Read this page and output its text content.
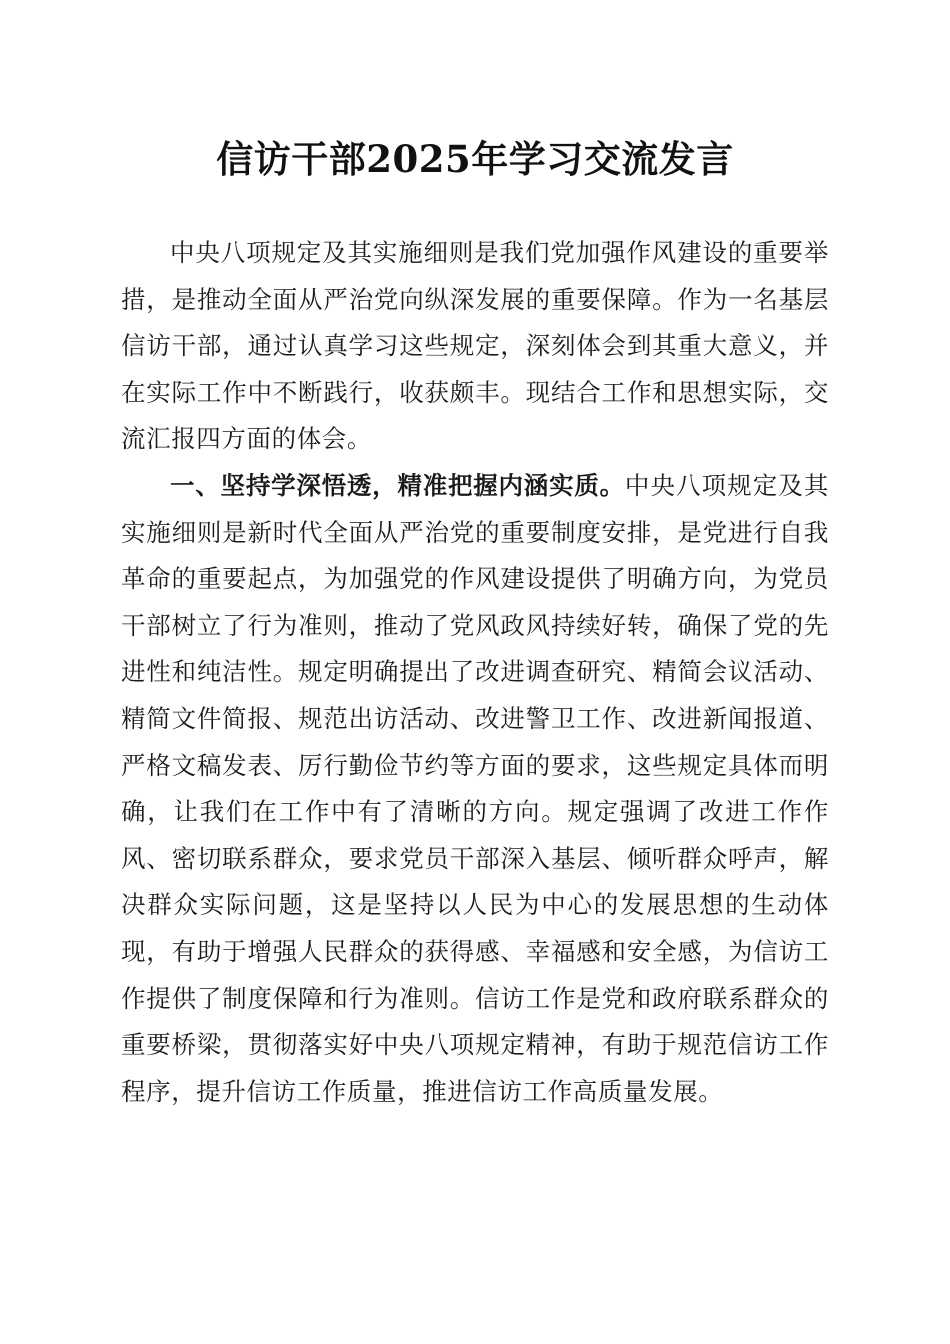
信访干部2025年学习交流发言

中央八项规定及其实施细则是我们党加强作风建设的重要举措，是推动全面从严治党向纵深发展的重要保障。作为一名基层信访干部，通过认真学习这些规定，深刻体会到其重大意义，并在实际工作中不断践行，收获颇丰。现结合工作和思想实际，交流汇报四方面的体会。

一、坚持学深悟透，精准把握内涵实质。中央八项规定及其实施细则是新时代全面从严治党的重要制度安排，是党进行自我革命的重要起点，为加强党的作风建设提供了明确方向，为党员干部树立了行为准则，推动了党风政风持续好转，确保了党的先进性和纯洁性。规定明确提出了改进调查研究、精简会议活动、精简文件简报、规范出访活动、改进警卫工作、改进新闻报道、严格文稿发表、厉行勤俭节约等方面的要求，这些规定具体而明确，让我们在工作中有了清晰的方向。规定强调了改进工作作风、密切联系群众，要求党员干部深入基层、倾听群众呼声，解决群众实际问题，这是坚持以人民为中心的发展思想的生动体现，有助于增强人民群众的获得感、幸福感和安全感，为信访工作提供了制度保障和行为准则。信访工作是党和政府联系群众的重要桥梁，贯彻落实好中央八项规定精神，有助于规范信访工作程序，提升信访工作质量，推进信访工作高质量发展。
